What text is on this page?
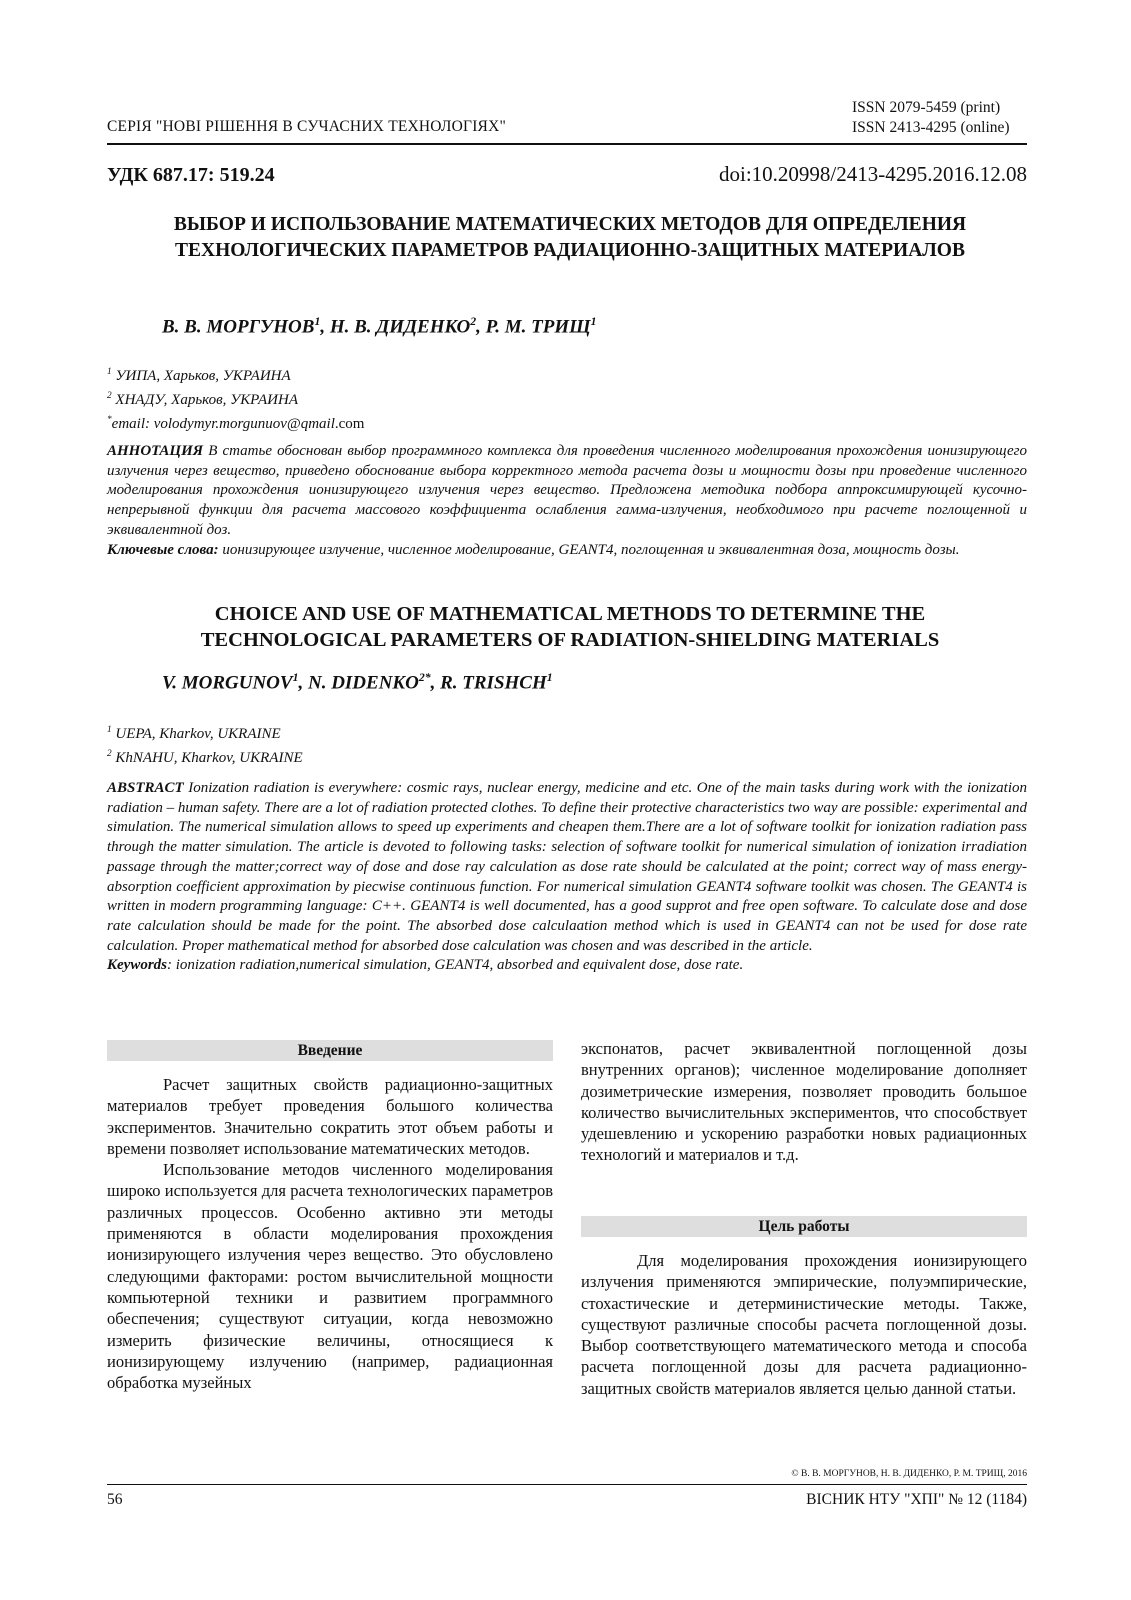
СЕРІЯ "НОВІ РІШЕННЯ В СУЧАСНИХ ТЕХНОЛОГІЯХ"
ISSN 2079-5459 (print)
ISSN 2413-4295 (online)
УДК 687.17: 519.24	doi:10.20998/2413-4295.2016.12.08
ВЫБОР И ИСПОЛЬЗОВАНИЕ МАТЕМАТИЧЕСКИХ МЕТОДОВ ДЛЯ ОПРЕДЕЛЕНИЯ ТЕХНОЛОГИЧЕСКИХ ПАРАМЕТРОВ РАДИАЦИОННО-ЗАЩИТНЫХ МАТЕРИАЛОВ
В. В. МОРГУНОВ$^1$, Н. В. ДИДЕНКО$^2$, Р. М. ТРИЩ$^1$
$^1$ УИПА, Харьков, УКРАИНА
$^2$ ХНАДУ, Харьков, УКРАИНА
*email: volodymyr.morgunuov@qmail.com
АННОТАЦИЯ В статье обоснован выбор программного комплекса для проведения численного моделирования прохождения ионизирующего излучения через вещество, приведено обоснование выбора корректного метода расчета дозы и мощности дозы при проведение численного моделирования прохождения ионизирующего излучения через вещество. Предложена методика подбора аппроксимирующей кусочно-непрерывной функции для расчета массового коэффициента ослабления гамма-излучения, необходимого при расчете поглощенной и эквивалентной доз.
Ключевые слова: ионизирующее излучение, численное моделирование, GEANT4, поглощенная и эквивалентная доза, мощность дозы.
CHOICE AND USE OF MATHEMATICAL METHODS TO DETERMINE THE TECHNOLOGICAL PARAMETERS OF RADIATION-SHIELDING MATERIALS
V. MORGUNOV$^1$, N. $DIDENKO^{2*}$, R. TRISHCH$^1$
$^1$ UEPA, Kharkov, UKRAINE
$^2$ KhNAHU, Kharkov, UKRAINE
ABSTRACT Ionization radiation is everywhere: cosmic rays, nuclear energy, medicine and etc. One of the main tasks during work with the ionization radiation – human safety. There are a lot of radiation protected clothes. To define their protective characteristics two way are possible: experimental and simulation. The numerical simulation allows to speed up experiments and cheapen them.There are a lot of software toolkit for ionization radiation pass through the matter simulation. The article is devoted to following tasks: selection of software toolkit for numerical simulation of ionization irradiation passage through the matter;correct way of dose and dose ray calculation as dose rate should be calculated at the point; correct way of mass energy-absorption coefficient approximation by piecwise continuous function. For numerical simulation GEANT4 software toolkit was chosen. The GEANT4 is written in modern programming language: C++. GEANT4 is well documented, has a good supprot and free open software. To calculate dose and dose rate calculation should be made for the point. The absorbed dose calculaation method which is used in GEANT4 can not be used for dose rate calculation. Proper mathematical method for absorbed dose calculation was chosen and was described in the article.
Keywords: ionization radiation,numerical simulation, GEANT4, absorbed and equivalent dose, dose rate.
Введение

Расчет защитных свойств радиационно-защитных материалов требует проведения большого количества экспериментов. Значительно сократить этот объем работы и времени позволяет использование математических методов.

Использование методов численного моделирования широко используется для расчета технологических параметров различных процессов. Особенно активно эти методы применяются в области моделирования прохождения ионизирующего излучения через вещество. Это обусловлено следующими факторами: ростом вычислительной мощности компьютерной техники и развитием программного обеспечения; существуют ситуации, когда невозможно измерить физические величины, относящиеся к ионизирующему излучению (например, радиационная обработка музейных

экспонатов, расчет эквивалентной поглощенной дозы внутренних органов); численное моделирование дополняет дозиметрические измерения, позволяет проводить большое количество вычислительных экспериментов, что способствует удешевлению и ускорению разработки новых радиационных технологий и материалов и т.д.

Цель работы

Для моделирования прохождения ионизирующего излучения применяются эмпирические, полуэмпирические, стохастические и детерминистические методы. Также, существуют различные способы расчета поглощенной дозы. Выбор соответствующего математического метода и способа расчета поглощенной дозы для расчета радиационно-защитных свойств материалов является целью данной статьи.

© В. В. МОРГУНОВ, Н. В. ДИДЕНКО, Р. М. ТРИЩ, 2016
56	ВІСНИК НТУ "ХПІ" № 12 (1184)
